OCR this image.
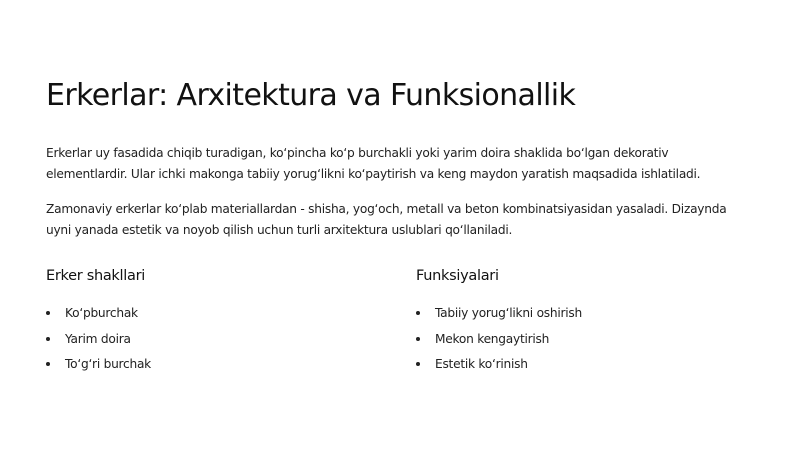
Erkerlar: Arxitektura va Funksionallik

Erkerlar uy fasadida chiqib turadigan, ko‘pincha ko‘p burchakli yoki yarim doira shaklida bo‘lgan dekorativ elementlardir. Ular ichki makonga tabiiy yorug‘likni ko‘paytirish va keng maydon yaratish maqsadida ishlatiladi.

Zamonaviy erkerlar ko‘plab materiallardan - shisha, yog‘och, metall va beton kombinatsiyasidan yasaladi. Dizaynda uyni yanada estetik va noyob qilish uchun turli arxitektura uslublari qo‘llaniladi.

Erker shakllari
Ko‘pburchak
Yarim doira
To‘g‘ri burchak
Funksiyalari
Tabiiy yorug‘likni oshirish
Mekon kengaytirish
Estetik ko‘rinish
